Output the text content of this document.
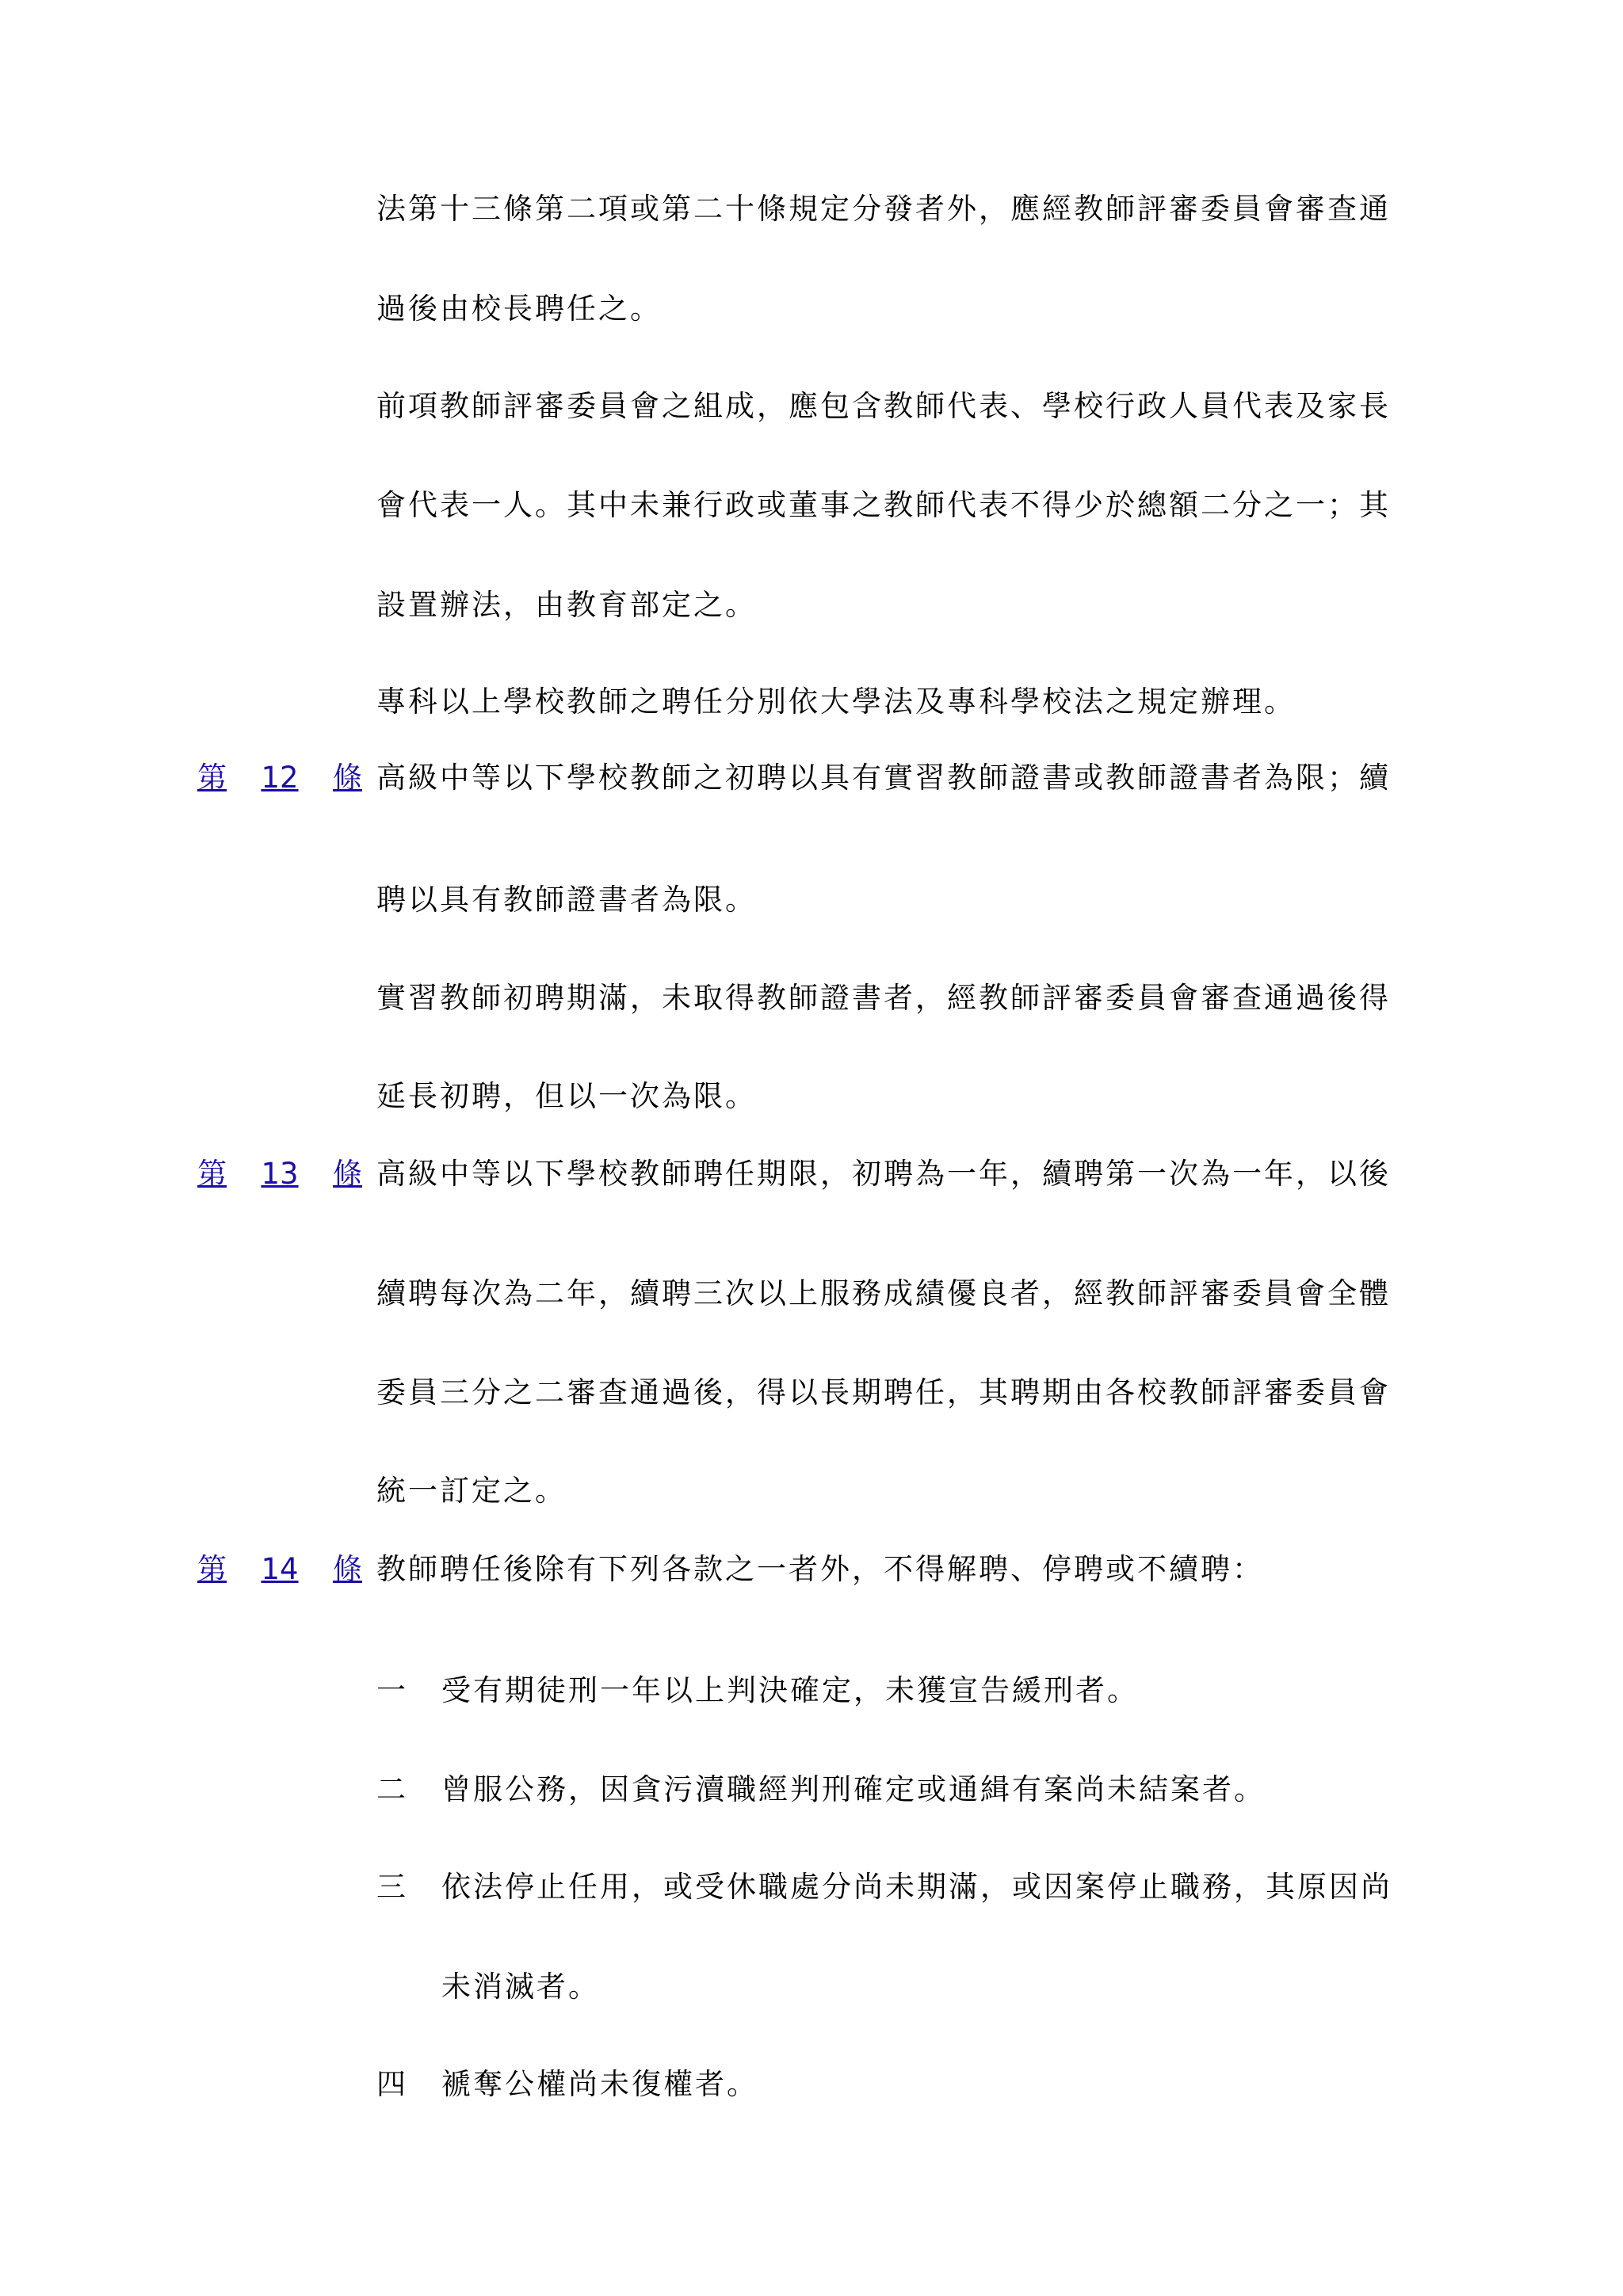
法第十三條第二項或第二十條規定分發者外，應經教師評審委員會審查通
過後由校長聘任之。
前項教師評審委員會之組成，應包含教師代表、學校行政人員代表及家長
會代表一人。其中未兼行政或董事之教師代表不得少於總額二分之一；其
設置辦法，由教育部定之。
專科以上學校教師之聘任分別依大學法及專科學校法之規定辦理。
第 12 條 高級中等以下學校教師之初聘以具有實習教師證書或教師證書者為限；續
聘以具有教師證書者為限。
實習教師初聘期滿，未取得教師證書者，經教師評審委員會審查通過後得
延長初聘，但以一次為限。
第 13 條 高級中等以下學校教師聘任期限，初聘為一年，續聘第一次為一年，以後
續聘每次為二年，續聘三次以上服務成績優良者，經教師評審委員會全體
委員三分之二審查通過後，得以長期聘任，其聘期由各校教師評審委員會
統一訂定之。
第 14 條 教師聘任後除有下列各款之一者外，不得解聘、停聘或不續聘：
一 受有期徒刑一年以上判決確定，未獲宣告緩刑者。
二 曾服公務，因貪污瀆職經判刑確定或通緝有案尚未結案者。
三 依法停止任用，或受休職處分尚未期滿，或因案停止職務，其原因尚
未消滅者。
四 褫奪公權尚未復權者。
